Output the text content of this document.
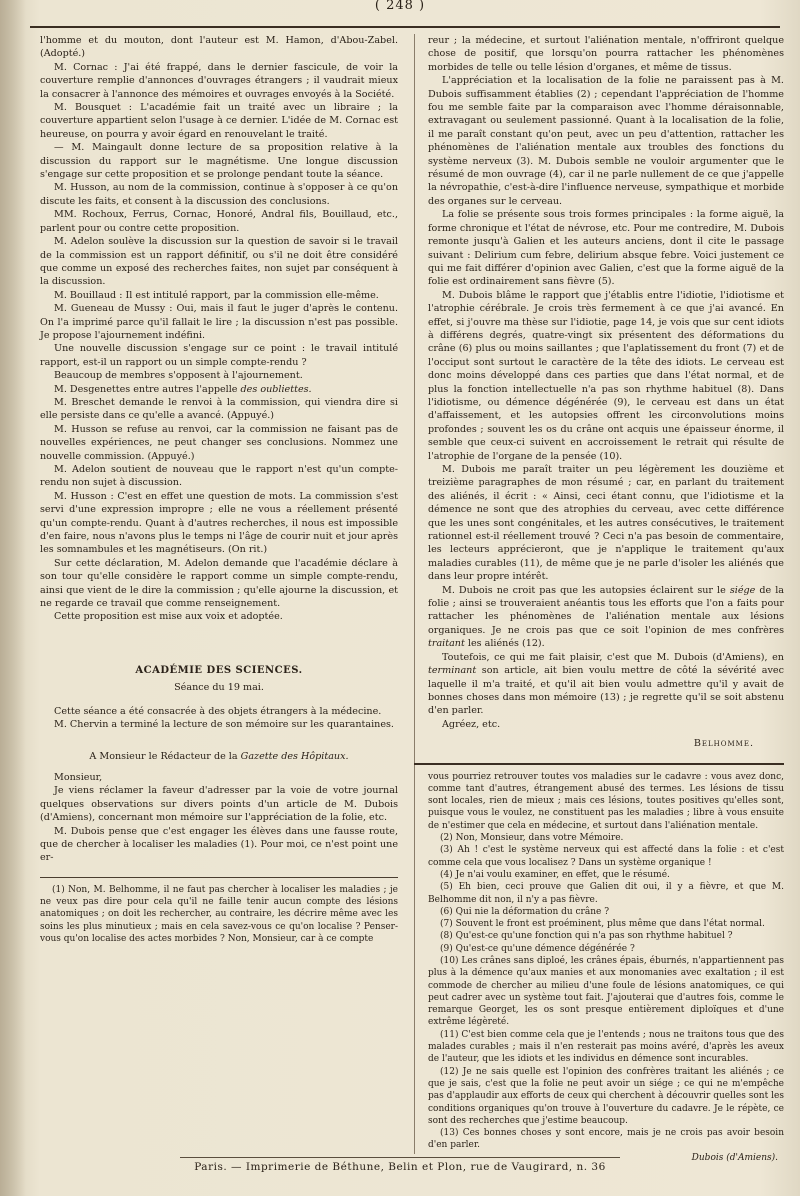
( 248 )

l'homme et du mouton, dont l'auteur est M. Hamon, d'Abou-Zabel. (Adopté.)

M. Cornac : J'ai été frappé, dans le dernier fascicule, de voir la couverture remplie d'annonces d'ouvrages étrangers ; il vaudrait mieux la consacrer à l'annonce des mémoires et ouvrages envoyés à la Société.

M. Bousquet : L'académie fait un traité avec un libraire ; la couverture appartient selon l'usage à ce dernier. L'idée de M. Cornac est heureuse, on pourra y avoir égard en renouvelant le traité.

— M. Maingault donne lecture de sa proposition relative à la discussion du rapport sur le magnétisme. Une longue discussion s'engage sur cette proposition et se prolonge pendant toute la séance.

M. Husson, au nom de la commission, continue à s'opposer à ce qu'on discute les faits, et consent à la discussion des conclusions.

MM. Rochoux, Ferrus, Cornac, Honoré, Andral fils, Bouillaud, etc., parlent pour ou contre cette proposition.

M. Adelon soulève la discussion sur la question de savoir si le travail de la commission est un rapport définitif, ou s'il ne doit être considéré que comme un exposé des recherches faites, non sujet par conséquent à la discussion.

M. Bouillaud : Il est intitulé rapport, par la commission elle-même.

M. Gueneau de Mussy : Oui, mais il faut le juger d'après le contenu. On l'a imprimé parce qu'il fallait le lire ; la discussion n'est pas possible. Je propose l'ajournement indéfini.

Une nouvelle discussion s'engage sur ce point : le travail intitulé rapport, est-il un rapport ou un simple compte-rendu ?

Beaucoup de membres s'opposent à l'ajournement.

M. Desgenettes entre autres l'appelle des oubliettes.

M. Breschet demande le renvoi à la commission, qui viendra dire si elle persiste dans ce qu'elle a avancé. (Appuyé.)

M. Husson se refuse au renvoi, car la commission ne faisant pas de nouvelles expériences, ne peut changer ses conclusions. Nommez une nouvelle commission. (Appuyé.)

M. Adelon soutient de nouveau que le rapport n'est qu'un compte-rendu non sujet à discussion.

M. Husson : C'est en effet une question de mots. La commission s'est servi d'une expression impropre ; elle ne vous a réellement présenté qu'un compte-rendu. Quant à d'autres recherches, il nous est impossible d'en faire, nous n'avons plus le temps ni l'âge de courir nuit et jour après les somnambules et les magnétiseurs. (On rit.)

Sur cette déclaration, M. Adelon demande que l'académie déclare à son tour qu'elle considère le rapport comme un simple compte-rendu, ainsi que vient de le dire la commission ; qu'elle ajourne la discussion, et ne regarde ce travail que comme renseignement.

Cette proposition est mise aux voix et adoptée.

ACADÉMIE DES SCIENCES.
Séance du 19 mai.

Cette séance a été consacrée à des objets étrangers à la médecine.

M. Chervin a terminé la lecture de son mémoire sur les quarantaines.

A Monsieur le Rédacteur de la Gazette des Hôpitaux.

Monsieur,

Je viens réclamer la faveur d'adresser par la voie de votre journal quelques observations sur divers points d'un article de M. Dubois (d'Amiens), concernant mon mémoire sur l'appréciation de la folie, etc.

M. Dubois pense que c'est engager les élèves dans une fausse route, que de chercher à localiser les maladies (1). Pour moi, ce n'est point une er-

(1) Non, M. Belhomme, il ne faut pas chercher à localiser les maladies ; je ne veux pas dire pour cela qu'il ne faille tenir aucun compte des lésions anatomiques ; on doit les rechercher, au contraire, les décrire même avec les soins les plus minutieux ; mais en cela savez-vous ce qu'on localise ? Penser-vous qu'on localise des actes morbides ? Non, Monsieur, car à ce compte

reur ; la médecine, et surtout l'aliénation mentale, n'offriront quelque chose de positif, que lorsqu'on pourra rattacher les phénomènes morbides de telle ou telle lésion d'organes, et même de tissus.

L'appréciation et la localisation de la folie ne paraissent pas à M. Dubois suffisamment établies (2) ; cependant l'appréciation de l'homme fou me semble faite par la comparaison avec l'homme déraisonnable, extravagant ou seulement passionné. Quant à la localisation de la folie, il me paraît constant qu'on peut, avec un peu d'attention, rattacher les phénomènes de l'aliénation mentale aux troubles des fonctions du système nerveux (3). M. Dubois semble ne vouloir argumenter que le résumé de mon ouvrage (4), car il ne parle nullement de ce que j'appelle la névropathie, c'est-à-dire l'influence nerveuse, sympathique et morbide des organes sur le cerveau.

La folie se présente sous trois formes principales : la forme aiguë, la forme chronique et l'état de névrose, etc. Pour me contredire, M. Dubois remonte jusqu'à Galien et les auteurs anciens, dont il cite le passage suivant : Delirium cum febre, delirium absque febre. Voici justement ce qui me fait différer d'opinion avec Galien, c'est que la forme aiguë de la folie est ordinairement sans fièvre (5).

M. Dubois blâme le rapport que j'établis entre l'idiotie, l'idiotisme et l'atrophie cérébrale. Je crois très fermement à ce que j'ai avancé. En effet, si j'ouvre ma thèse sur l'idiotie, page 14, je vois que sur cent idiots à différens degrés, quatre-vingt six présentent des déformations du crâne (6) plus ou moins saillantes ; que l'aplatissement du front (7) et de l'occiput sont surtout le caractère de la tête des idiots. Le cerveau est donc moins développé dans ces parties que dans l'état normal, et de plus la fonction intellectuelle n'a pas son rhythme habituel (8). Dans l'idiotisme, ou démence dégénérée (9), le cerveau est dans un état d'affaissement, et les autopsies offrent les circonvolutions moins profondes ; souvent les os du crâne ont acquis une épaisseur énorme, il semble que ceux-ci suivent en accroissement le retrait qui résulte de l'atrophie de l'organe de la pensée (10).

M. Dubois me paraît traiter un peu légèrement les douzième et treizième paragraphes de mon résumé ; car, en parlant du traitement des aliénés, il écrit : « Ainsi, ceci étant connu, que l'idiotisme et la démence ne sont que des atrophies du cerveau, avec cette différence que les unes sont congénitales, et les autres consécutives, le traitement rationnel est-il réellement trouvé ? Ceci n'a pas besoin de commentaire, les lecteurs apprécieront, que je n'applique le traitement qu'aux maladies curables (11), de même que je ne parle d'isoler les aliénés que dans leur propre intérêt.

M. Dubois ne croit pas que les autopsies éclairent sur le siége de la folie ; ainsi se trouveraient anéantis tous les efforts que l'on a faits pour rattacher les phénomènes de l'aliénation mentale aux lésions organiques. Je ne crois pas que ce soit l'opinion de mes confrères traitant les aliénés (12).

Toutefois, ce qui me fait plaisir, c'est que M. Dubois (d'Amiens), en terminant son article, ait bien voulu mettre de côté la sévérité avec laquelle il m'a traité, et qu'il ait bien voulu admettre qu'il y avait de bonnes choses dans mon mémoire (13) ; je regrette qu'il se soit abstenu d'en parler.

Agréez, etc.

Belhomme.

vous pourriez retrouver toutes vos maladies sur le cadavre : vous avez donc, comme tant d'autres, étrangement abusé des termes. Les lésions de tissu sont locales, rien de mieux ; mais ces lésions, toutes positives qu'elles sont, puisque vous le voulez, ne constituent pas les maladies ; libre à vous ensuite de n'estimer que cela en médecine, et surtout dans l'aliénation mentale.

(2) Non, Monsieur, dans votre Mémoire.

(3) Ah ! c'est le système nerveux qui est affecté dans la folie : et c'est comme cela que vous localisez ? Dans un système organique !

(4) Je n'ai voulu examiner, en effet, que le résumé.

(5) Eh bien, ceci prouve que Galien dit oui, il y a fièvre, et que M. Belhomme dit non, il n'y a pas fièvre.

(6) Qui nie la déformation du crâne ?

(7) Souvent le front est proéminent, plus même que dans l'état normal.

(8) Qu'est-ce qu'une fonction qui n'a pas son rhythme habituel ?

(9) Qu'est-ce qu'une démence dégénérée ?

(10) Les crânes sans diploé, les crânes épais, éburnés, n'appartiennent pas plus à la démence qu'aux manies et aux monomanies avec exaltation ; il est commode de chercher au milieu d'une foule de lésions anatomiques, ce qui peut cadrer avec un système tout fait. J'ajouterai que d'autres fois, comme le remarque Georget, les os sont presque entièrement diploïques et d'une extrême légèreté.

(11) C'est bien comme cela que je l'entends ; nous ne traitons tous que des malades curables ; mais il n'en resterait pas moins avéré, d'après les aveux de l'auteur, que les idiots et les individus en démence sont incurables.

(12) Je ne sais quelle est l'opinion des confrères traitant les aliénés ; ce que je sais, c'est que la folie ne peut avoir un siége ; ce qui ne m'empêche pas d'applaudir aux efforts de ceux qui cherchent à découvrir quelles sont les conditions organiques qu'on trouve à l'ouverture du cadavre. Je le répète, ce sont des recherches que j'estime beaucoup.

(13) Ces bonnes choses y sont encore, mais je ne crois pas avoir besoin d'en parler.

Dubois (d'Amiens).
Paris. — Imprimerie de Béthune, Belin et Plon, rue de Vaugirard, n. 36
